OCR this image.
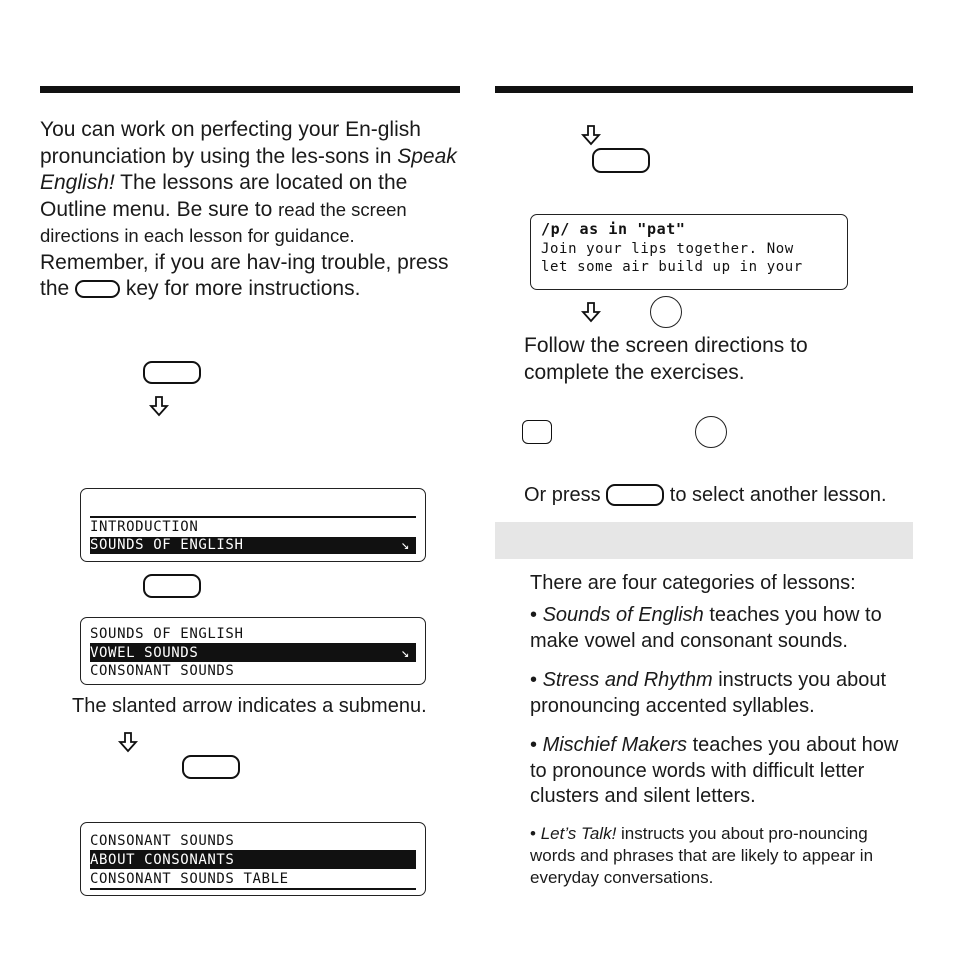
You can work on perfecting your En-glish pronunciation by using the les-sons in Speak English! The lessons are located on the Outline menu. Be sure to read the screen directions in each lesson for guidance. Remember, if you are hav-ing trouble, press the  key for more instructions.

INTRODUCTION
SOUNDS OF ENGLISH	↘
SOUNDS OF ENGLISH
VOWEL SOUNDS	↘
CONSONANT SOUNDS
The slanted arrow indicates a submenu.
CONSONANT SOUNDS
ABOUT CONSONANTS
CONSONANT SOUNDS TABLE
/p/ as in "pat"
Join your lips together. Now
let some air build up in your
Follow the screen directions to complete the exercises.
Or press	to select another lesson.
There are four categories of lessons:
• Sounds of English teaches you how to make vowel and consonant sounds.
• Stress and Rhythm instructs you about pronouncing accented syllables.
• Mischief Makers teaches you about how to pronounce words with difficult letter clusters and silent letters.
• Let’s Talk! instructs you about pro-nouncing words and phrases that are likely to appear in everyday conversations.
